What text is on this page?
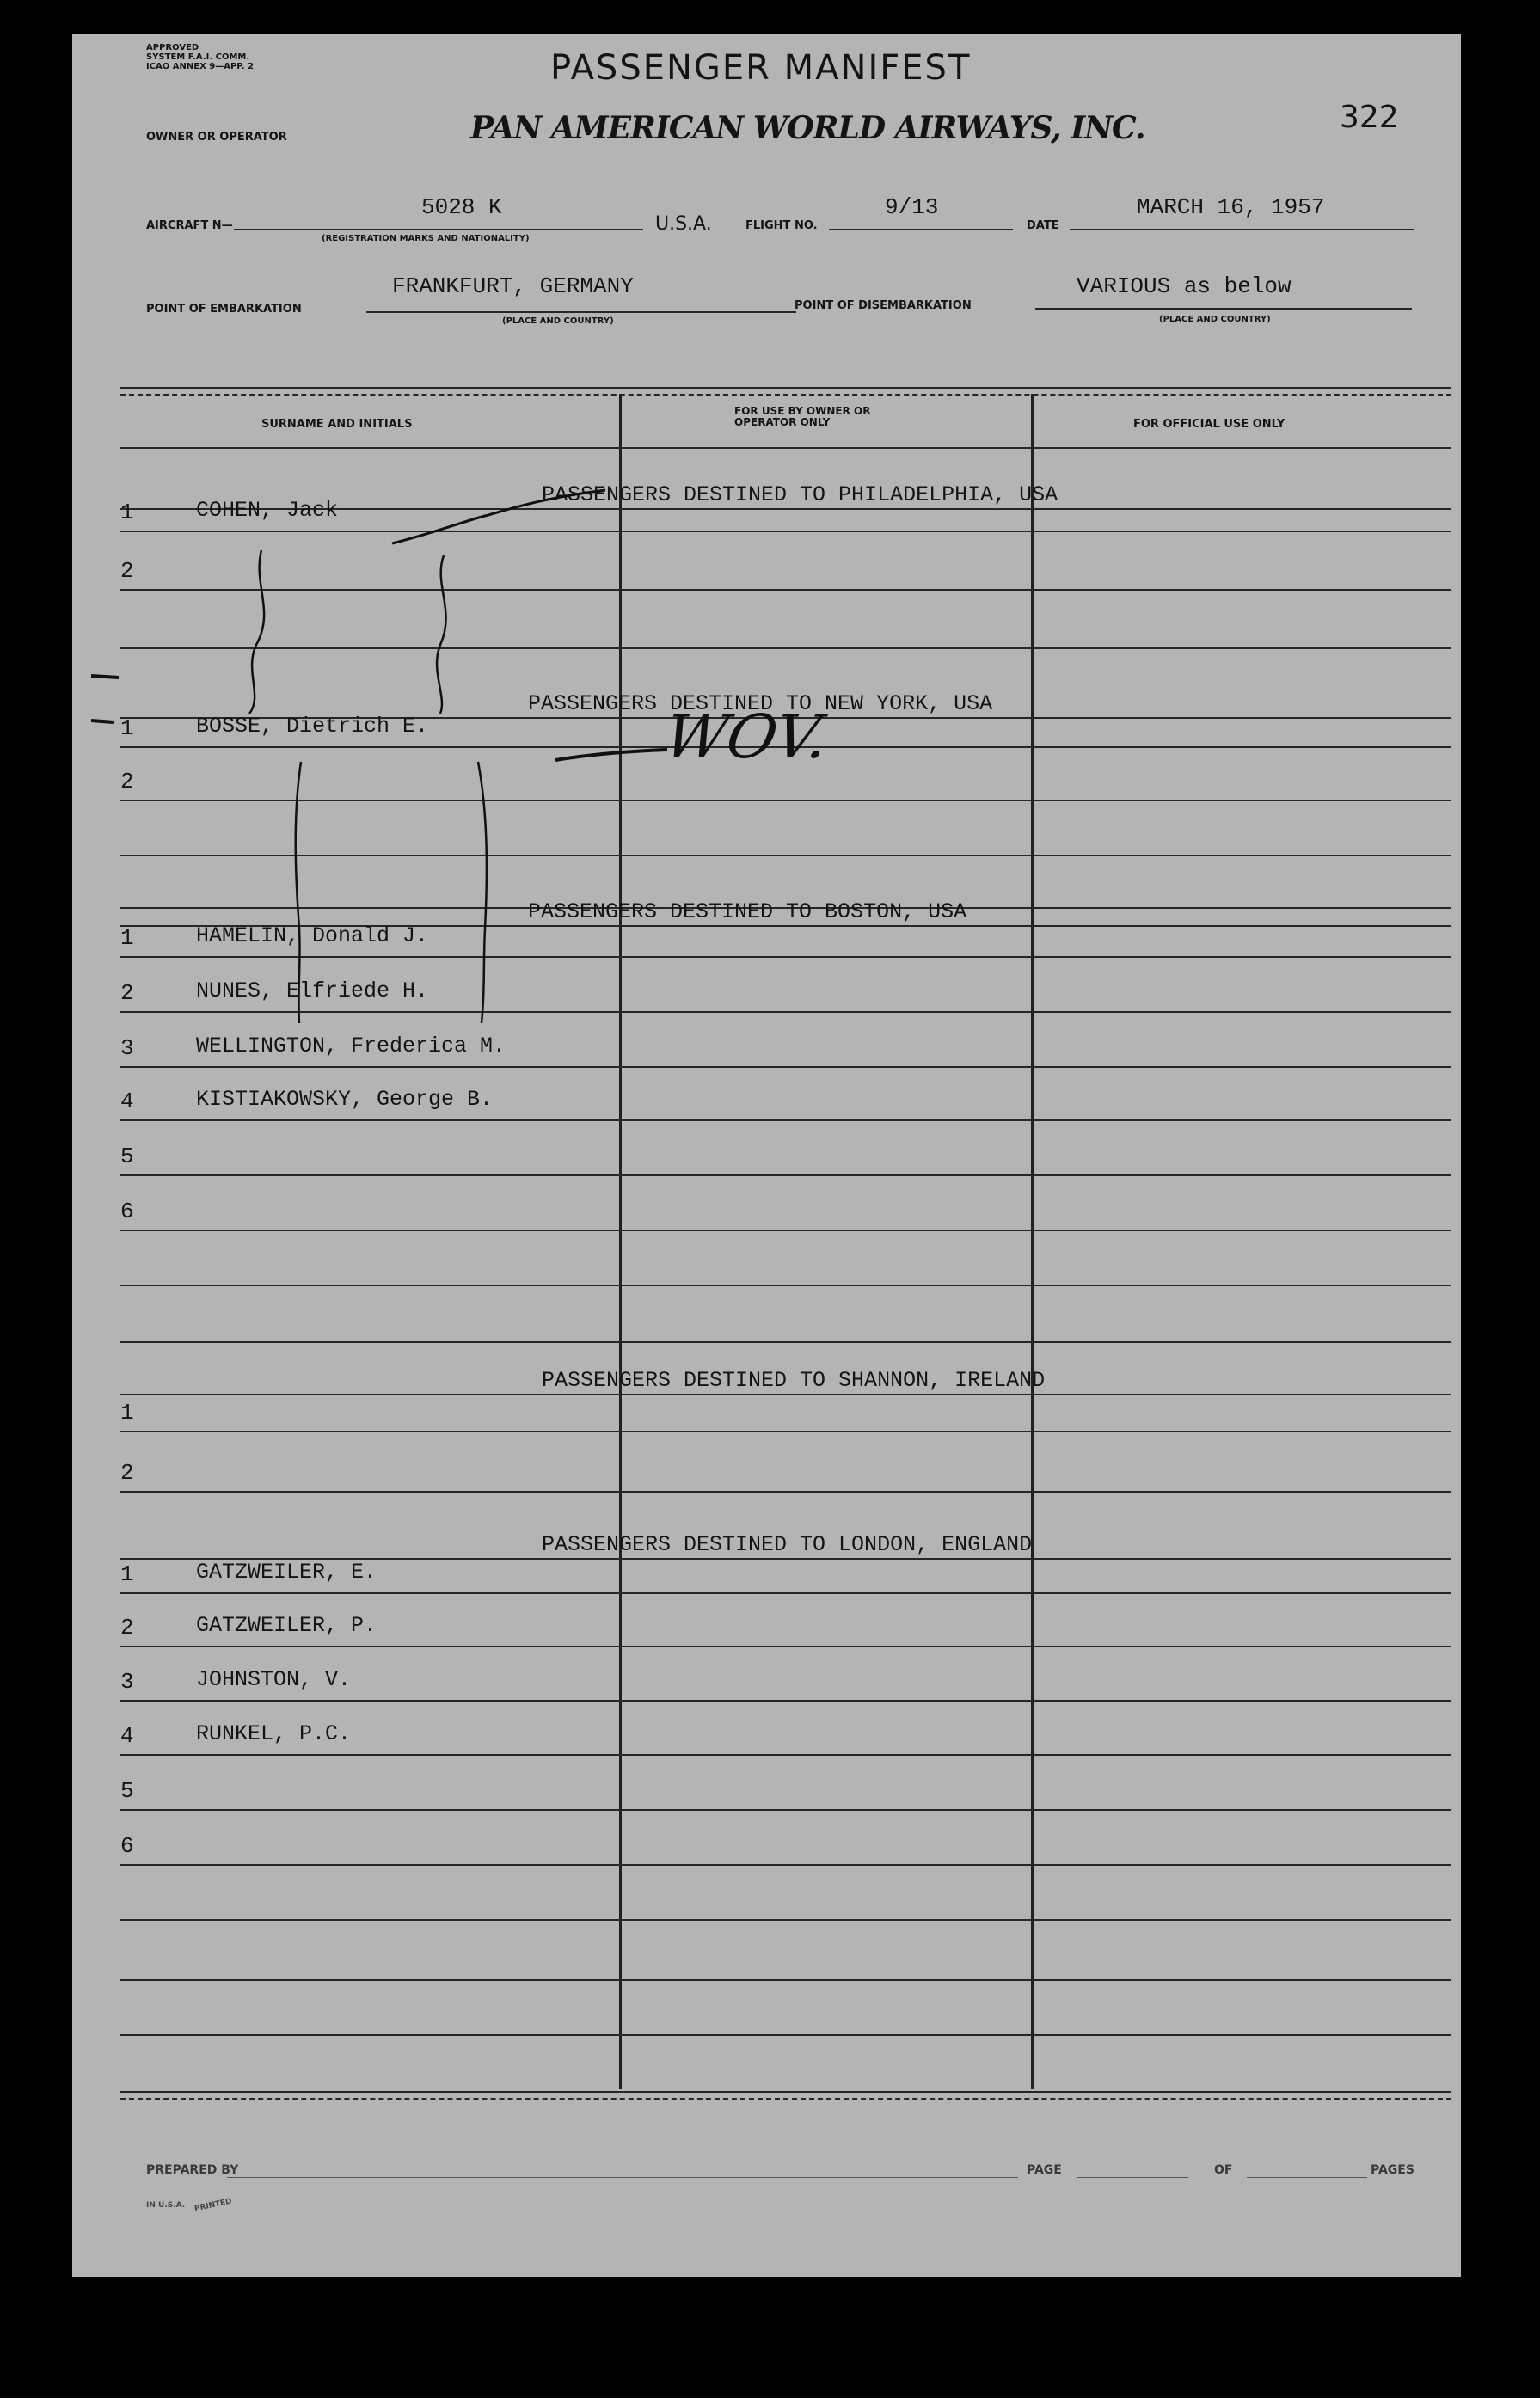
APPROVED
SYSTEM F.A.I. COMM.
ICAO ANNEX 9—APP. 2	PASSENGER MANIFEST
322
OWNER OR OPERATOR	PAN AMERICAN WORLD AIRWAYS, INC.
AIRCRAFT N—
5028 K
(REGISTRATION MARKS AND NATIONALITY)
U.S.A.	FLIGHT NO.
9/13
DATE
MARCH 16, 1957
POINT OF EMBARKATION
FRANKFURT, GERMANY
(PLACE AND COUNTRY)
POINT OF DISEMBARKATION
VARIOUS as below
(PLACE AND COUNTRY)
SURNAME AND INITIALS
FOR USE BY OWNER OR OPERATOR ONLY	FOR OFFICIAL USE ONLY
PASSENGERS DESTINED TO PHILADELPHIA, USA
1	COHEN, Jack
2
PASSENGERS DESTINED TO NEW YORK, USA
1	BOSSE, Dietrich E.
2
PASSENGERS DESTINED TO BOSTON, USA
1	HAMELIN, Donald J.
2	NUNES, Elfriede H.
3	WELLINGTON, Frederica M.
4	KISTIAKOWSKY, George B.
5
6
PASSENGERS DESTINED TO SHANNON, IRELAND
1
2
PASSENGERS DESTINED TO LONDON, ENGLAND
1	GATZWEILER, E.
2	GATZWEILER, P.
3	JOHNSTON, V.
4	RUNKEL, P.C.
5
6
PREPARED BY	PAGE	OF	PAGES
IN U.S.A. PRINTED
WOV.
